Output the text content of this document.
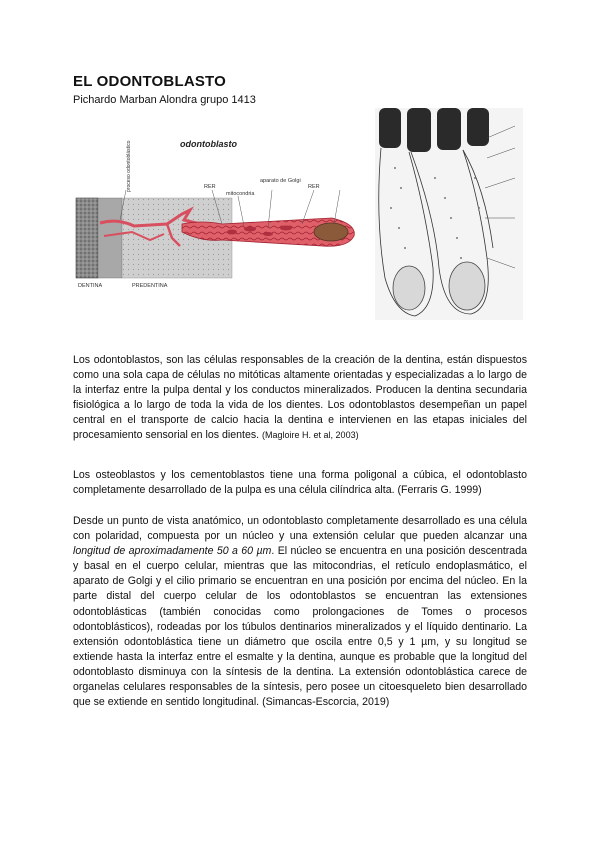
EL ODONTOBLASTO
Pichardo Marban Alondra grupo 1413
odontoblasto
proceso odontoblástico	RER
mitocondria
aparato de Golgi
RER
DENTINA	PREDENTINA
Los odontoblastos, son las células responsables de la creación de la dentina, están dispuestos como una sola capa de células no mitóticas altamente orientadas y especializadas a lo largo de la interfaz entre la pulpa dental y los conductos mineralizados. Producen la dentina secundaria fisiológica a lo largo de toda la vida de los dientes. Los odontoblastos desempeñan un papel central en el transporte de calcio hacia la dentina e intervienen en las etapas iniciales del procesamiento sensorial en los dientes. (Magloire H. et al, 2003)
Los osteoblastos y los cementoblastos tiene una forma poligonal a cúbica, el odontoblasto completamente desarrollado de la pulpa es una célula cilíndrica alta. (Ferraris G. 1999)
Desde un punto de vista anatómico, un odontoblasto completamente desarrollado es una célula con polaridad, compuesta por un núcleo y una extensión celular que pueden alcanzar una longitud de aproximadamente 50 a 60 µm. El núcleo se encuentra en una posición descentrada y basal en el cuerpo celular, mientras que las mitocondrias, el retículo endoplasmático, el aparato de Golgi y el cilio primario se encuentran en una posición por encima del núcleo. En la parte distal del cuerpo celular de los odontoblastos se encuentran las extensiones odontoblásticas (también conocidas como prolongaciones de Tomes o procesos odontoblásticos), rodeadas por los túbulos dentinarios mineralizados y el líquido dentinario. La extensión odontoblástica tiene un diámetro que oscila entre 0,5 y 1 µm, y su longitud se extiende hasta la interfaz entre el esmalte y la dentina, aunque es probable que la longitud del odontoblasto disminuya con la síntesis de la dentina. La extensión odontoblástica carece de organelas celulares responsables de la síntesis, pero posee un citoesqueleto bien desarrollado que se extiende en sentido longitudinal. (Simancas-Escorcia, 2019)
